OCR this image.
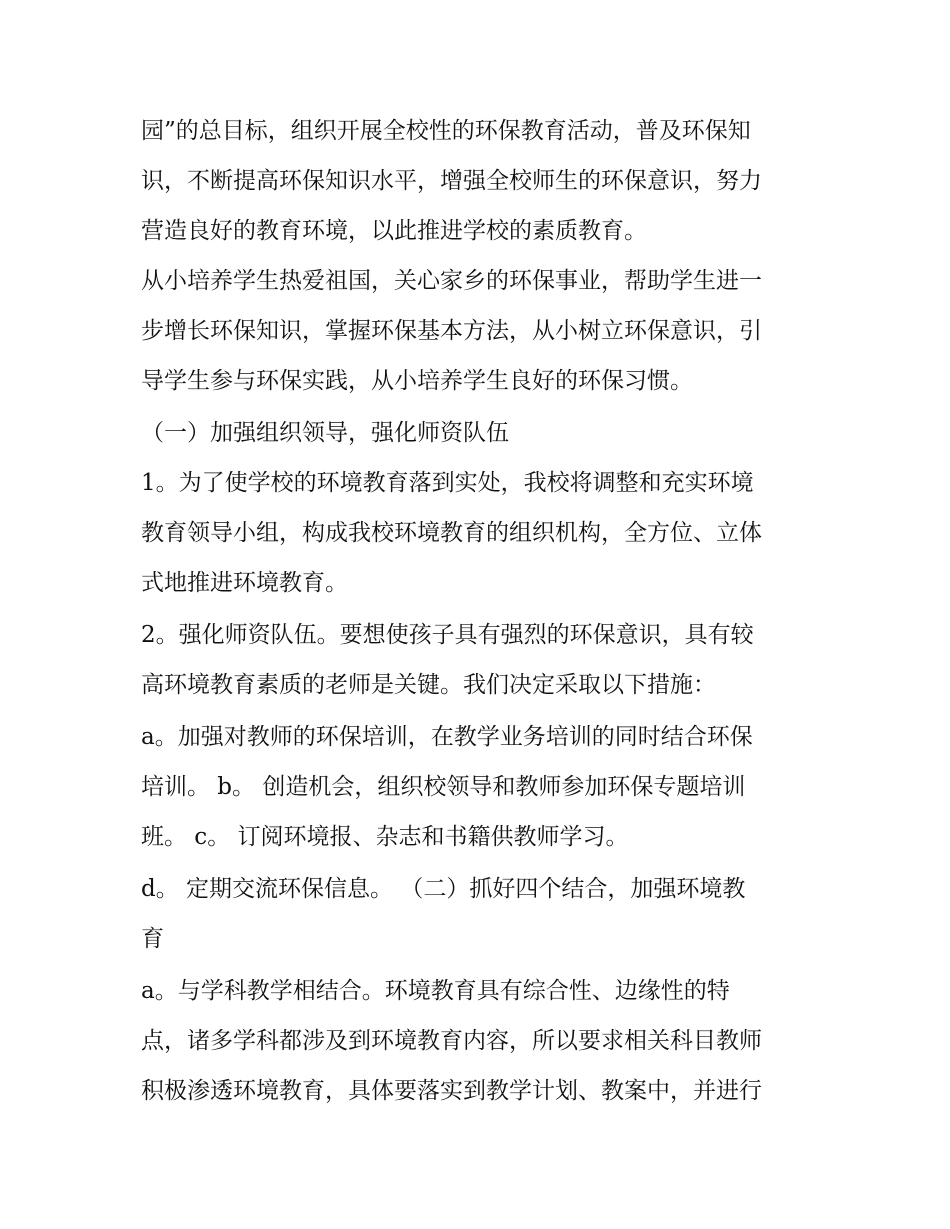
园”的总目标，组织开展全校性的环保教育活动，普及环保知
识，不断提高环保知识水平，增强全校师生的环保意识，努力
营造良好的教育环境，以此推进学校的素质教育。
从小培养学生热爱祖国，关心家乡的环保事业，帮助学生进一
步增长环保知识，掌握环保基本方法，从小树立环保意识，引
导学生参与环保实践，从小培养学生良好的环保习惯。
（一）加强组织领导，强化师资队伍
1。为了使学校的环境教育落到实处，我校将调整和充实环境
教育领导小组，构成我校环境教育的组织机构，全方位、立体
式地推进环境教育。
2。强化师资队伍。要想使孩子具有强烈的环保意识，具有较
高环境教育素质的老师是关键。我们决定采取以下措施：
a。加强对教师的环保培训，在教学业务培训的同时结合环保
培训。 b。 创造机会，组织校领导和教师参加环保专题培训
班。 c。 订阅环境报、杂志和书籍供教师学习。
d。 定期交流环保信息。 （二）抓好四个结合，加强环境教
育
a。与学科教学相结合。环境教育具有综合性、边缘性的特
点，诸多学科都涉及到环境教育内容，所以要求相关科目教师
积极渗透环境教育，具体要落实到教学计划、教案中，并进行
